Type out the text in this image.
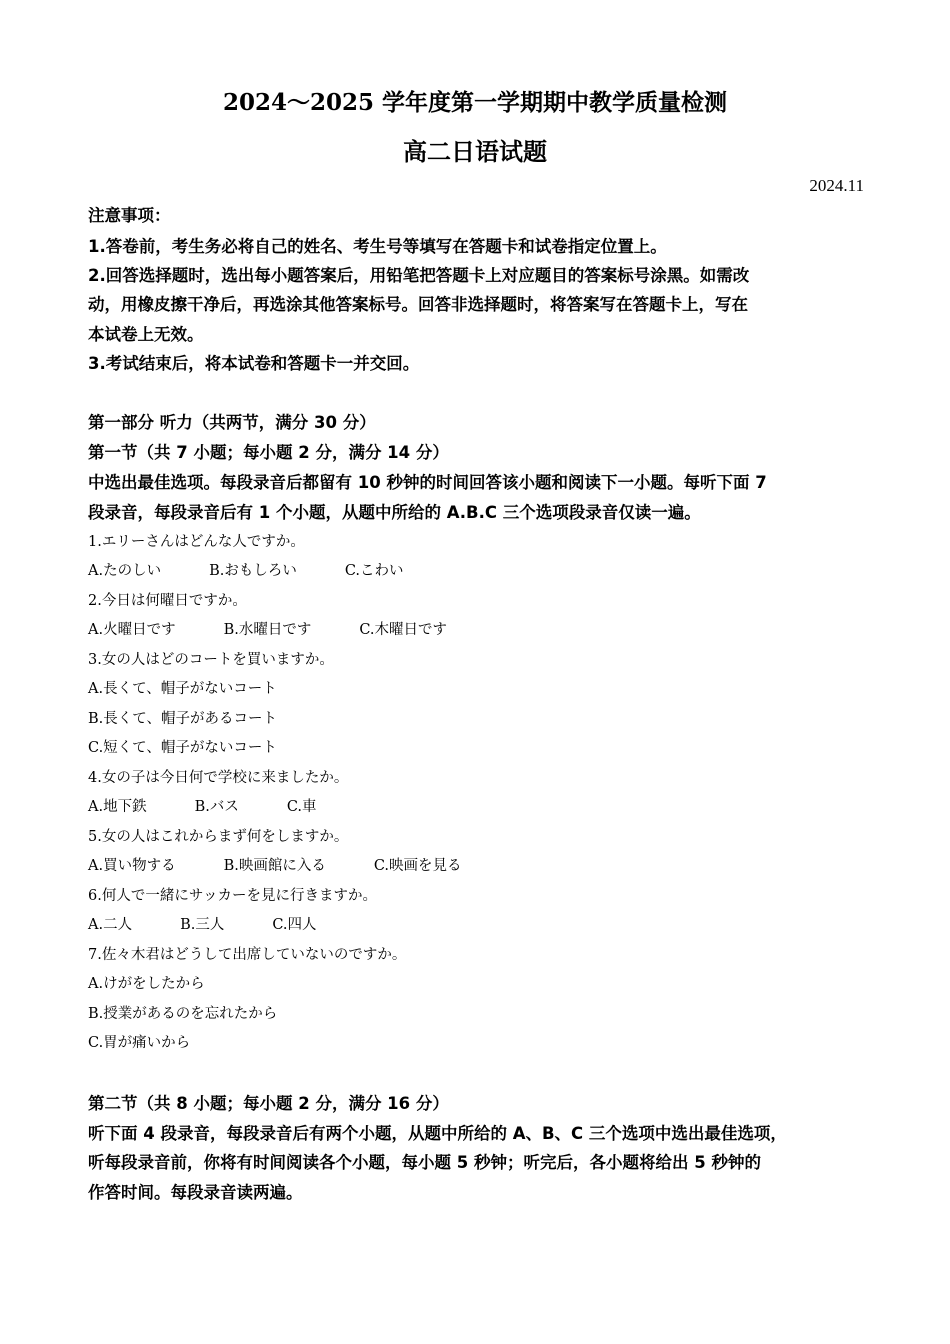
2024～2025 学年度第一学期期中教学质量检测
高二日语试题
2024.11
注意事项：
1.答卷前，考生务必将自己的姓名、考生号等填写在答题卡和试卷指定位置上。
2.回答选择题时，选出每小题答案后，用铅笔把答题卡上对应题目的答案标号涂黑。如需改
动，用橡皮擦干净后，再选涂其他答案标号。回答非选择题时，将答案写在答题卡上，写在
本试卷上无效。
3.考试结束后，将本试卷和答题卡一并交回。
第一部分 听力（共两节，满分 30 分）
第一节（共 7 小题；每小题 2 分，满分 14 分）
中选出最佳选项。每段录音后都留有 10 秒钟的时间回答该小题和阅读下一小题。每听下面 7
段录音，每段录音后有 1 个小题，从题中所给的 A.B.C 三个选项段录音仅读一遍。
1.エリーさんはどんな人ですか。
A.たのしい	B.おもしろい	C.こわい
2.今日は何曜日ですか。
A.火曜日です	B.水曜日です	C.木曜日です
3.女の人はどのコートを買いますか。
A.長くて、帽子がないコート
B.長くて、帽子があるコート
C.短くて、帽子がないコート
4.女の子は今日何で学校に来ましたか。
A.地下鉄	B.バス	C.車
5.女の人はこれからまず何をしますか。
A.買い物する	B.映画館に入る	C.映画を見る
6.何人で一緒にサッカーを見に行きますか。
A.二人	B.三人	C.四人
7.佐々木君はどうして出席していないのですか。
A.けがをしたから
B.授業があるのを忘れたから
C.胃が痛いから
第二节（共 8 小题；每小题 2 分，满分 16 分）
听下面 4 段录音，每段录音后有两个小题，从题中所给的 A、B、C 三个选项中选出最佳选项，
听每段录音前，你将有时间阅读各个小题，每小题 5 秒钟；听完后，各小题将给出 5 秒钟的
作答时间。每段录音读两遍。
